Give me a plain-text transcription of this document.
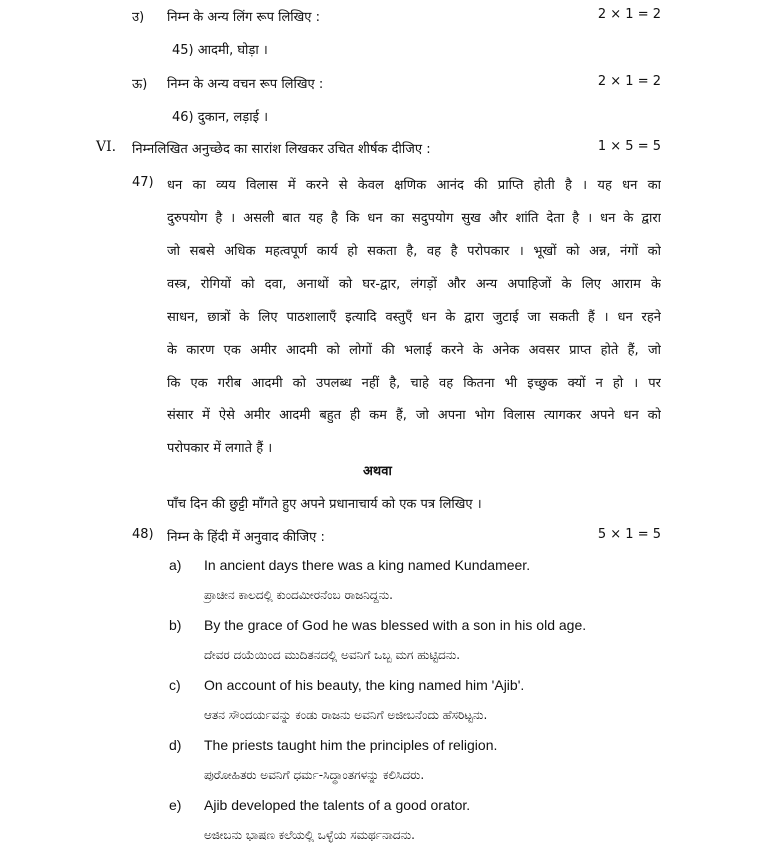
उ) निम्न के अन्य लिंग रूप लिखिए :	2 × 1 = 2
45) आदमी, घोड़ा ।
ऊ) निम्न के अन्य वचन रूप लिखिए :	2 × 1 = 2
46) दुकान, लड़ाई ।
VI. निम्नलिखित अनुच्छेद का सारांश लिखकर उचित शीर्षक दीजिए :	1 × 5 = 5
47) धन का व्यय विलास में करने से केवल क्षणिक आनंद की प्राप्ति होती है । यह धन का
दुरुपयोग है । असली बात यह है कि धन का सदुपयोग सुख और शांति देता है । धन के द्वारा
जो सबसे अधिक महत्वपूर्ण कार्य हो सकता है, वह है परोपकार । भूखों को अन्न, नंगों को
वस्त्र, रोगियों को दवा, अनाथों को घर-द्वार, लंगड़ों और अन्य अपाहिजों के लिए आराम के
साधन, छात्रों के लिए पाठशालाएँ इत्यादि वस्तुएँ धन के द्वारा जुटाई जा सकती हैं । धन रहने
के कारण एक अमीर आदमी को लोगों की भलाई करने के अनेक अवसर प्राप्त होते हैं, जो
कि एक गरीब आदमी को उपलब्ध नहीं है, चाहे वह कितना भी इच्छुक क्यों न हो । पर
संसार में ऐसे अमीर आदमी बहुत ही कम हैं, जो अपना भोग विलास त्यागकर अपने धन को
परोपकार में लगाते हैं ।
अथवा
पाँच दिन की छुट्टी माँगते हुए अपने प्रधानाचार्य को एक पत्र लिखिए ।
48) निम्न के हिंदी में अनुवाद कीजिए :	5 × 1 = 5
a) In ancient days there was a king named Kundameer.
ಪ್ರಾಚೀನ ಕಾಲದಲ್ಲಿ ಕುಂದಮೀರನೆಂಬ ರಾಜನಿದ್ದನು.
b) By the grace of God he was blessed with a son in his old age.
ದೇವರ ದಯೆಯಿಂದ ಮುದಿತನದಲ್ಲಿ ಅವನಿಗೆ ಒಬ್ಬ ಮಗ ಹುಟ್ಟಿದನು.
c) On account of his beauty, the king named him 'Ajib'.
ಆತನ ಸೌಂದರ್ಯವನ್ನು ಕಂಡು ರಾಜನು ಅವನಿಗೆ ಅಜೀಬನೆಂದು ಹೆಸರಿಟ್ಟನು.
d) The priests taught him the principles of religion.
ಪುರೋಹಿತರು ಅವನಿಗೆ ಧರ್ಮ-ಸಿದ್ಧಾಂತಗಳನ್ನು ಕಲಿಸಿದರು.
e) Ajib developed the talents of a good orator.
ಅಜೀಬನು ಭಾಷಣ ಕಲೆಯಲ್ಲಿ ಒಳ್ಳೆಯ ಸಮರ್ಥನಾದನು.
